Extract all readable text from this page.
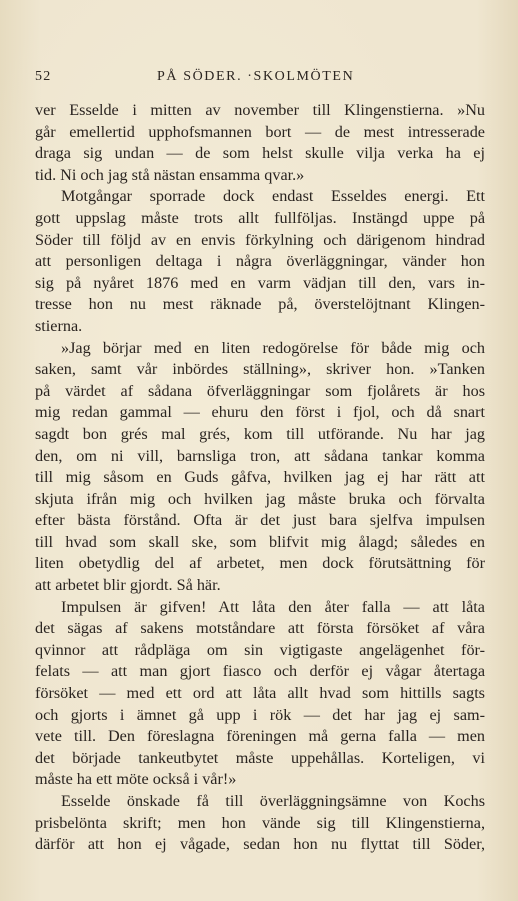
52	PÅ SÖDER. ·SKOLMÖTEN
ver Esselde i mitten av november till Klingenstierna. »Nu
går emellertid upphofsmannen bort — de mest intresserade
draga sig undan — de som helst skulle vilja verka ha ej
tid. Ni och jag stå nästan ensamma qvar.»
Motgångar sporrade dock endast Esseldes energi. Ett
gott uppslag måste trots allt fullföljas. Instängd uppe på
Söder till följd av en envis förkylning och därigenom hindrad
att personligen deltaga i några överläggningar, vänder hon
sig på nyåret 1876 med en varm vädjan till den, vars in-
tresse hon nu mest räknade på, överstelöjtnant Klingen-
stierna.
»Jag börjar med en liten redogörelse för både mig och
saken, samt vår inbördes ställning», skriver hon. »Tanken
på värdet af sådana öfverläggningar som fjolårets är hos
mig redan gammal — ehuru den först i fjol, och då snart
sagdt bon grés mal grés, kom till utförande. Nu har jag
den, om ni vill, barnsliga tron, att sådana tankar komma
till mig såsom en Guds gåfva, hvilken jag ej har rätt att
skjuta ifrån mig och hvilken jag måste bruka och förvalta
efter bästa förstånd. Ofta är det just bara sjelfva impulsen
till hvad som skall ske, som blifvit mig ålagd; således en
liten obetydlig del af arbetet, men dock förutsättning för
att arbetet blir gjordt. Så här.
Impulsen är gifven! Att låta den åter falla — att låta
det sägas af sakens motståndare att första försöket af våra
qvinnor att rådpläga om sin vigtigaste angelägenhet för-
felats — att man gjort fiasco och derför ej vågar återtaga
försöket — med ett ord att låta allt hvad som hittills sagts
och gjorts i ämnet gå upp i rök — det har jag ej sam-
vete till. Den föreslagna föreningen må gerna falla — men
det började tankeutbytet måste uppehållas. Korteligen, vi
måste ha ett möte också i vår!»
Esselde önskade få till överläggningsämne von Kochs
prisbelönta skrift; men hon vände sig till Klingenstierna,
därför att hon ej vågade, sedan hon nu flyttat till Söder,
